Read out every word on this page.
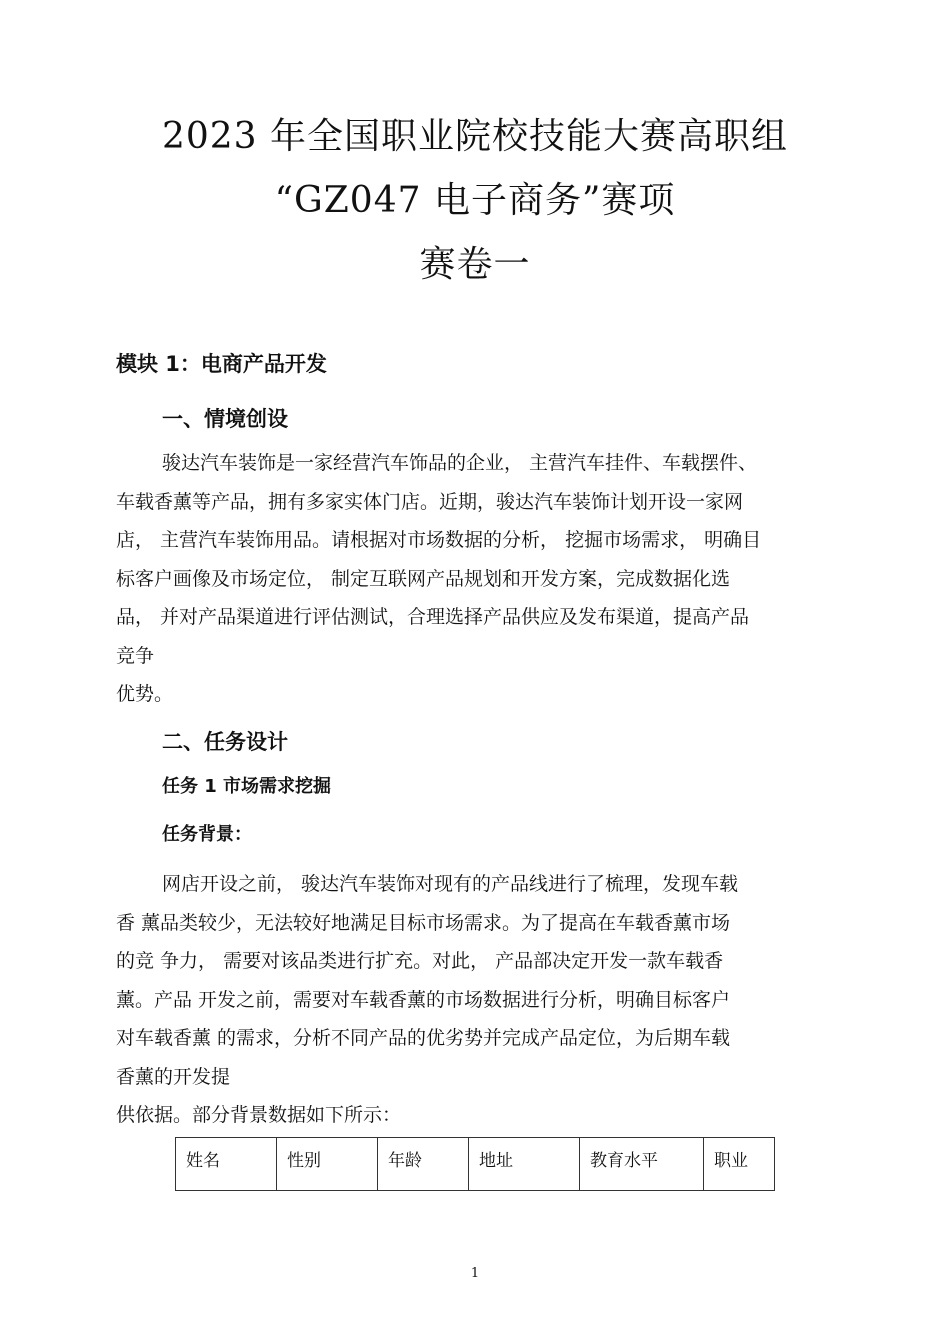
2023 年全国职业院校技能大赛高职组
“GZ047 电子商务”赛项
赛卷一
模块 1：电商产品开发
一、情境创设

骏达汽车装饰是一家经营汽车饰品的企业， 主营汽车挂件、车载摆件、

车载香薰等产品，拥有多家实体门店。近期，骏达汽车装饰计划开设一家网

店， 主营汽车装饰用品。请根据对市场数据的分析， 挖掘市场需求， 明确目

标客户画像及市场定位， 制定互联网产品规划和开发方案，完成数据化选

品， 并对产品渠道进行评估测试，合理选择产品供应及发布渠道，提高产品

竞争

优势。

二、任务设计
任务 1 市场需求挖掘
任务背景：

网店开设之前， 骏达汽车装饰对现有的产品线进行了梳理，发现车载

香 薰品类较少，无法较好地满足目标市场需求。为了提高在车载香薰市场

的竞 争力， 需要对该品类进行扩充。对此， 产品部决定开发一款车载香

薰。产品 开发之前，需要对车载香薰的市场数据进行分析，明确目标客户

对车载香薰 的需求，分析不同产品的优劣势并完成产品定位，为后期车载

香薰的开发提

供依据。部分背景数据如下所示：

姓名	性别	年龄	地址	教育水平	职业
1
